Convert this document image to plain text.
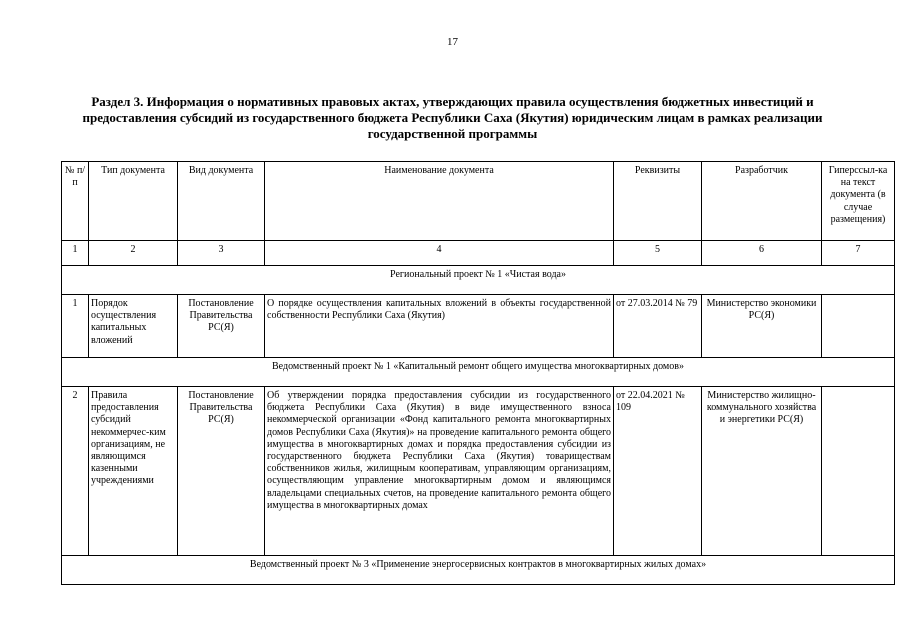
17
Раздел 3. Информация о нормативных правовых актах, утверждающих правила осуществления бюджетных инвестиций и предоставления субсидий из государственного бюджета Республики Саха (Якутия) юридическим лицам в рамках реализации государственной программы
№ п/п	Тип документа	Вид документа	Наименование документа	Реквизиты	Разработчик	Гиперссыл-ка на текст документа (в случае размещения)
1	2	3	4	5	6	7
Региональный проект № 1 «Чистая вода»						
1	Порядок осуществления капитальных вложений	Постановление Правительства РС(Я)	О порядке осуществления капитальных вложений в объекты государственной собственности Республики Саха (Якутия)	от 27.03.2014 № 79	Министерство экономики РС(Я)	
Ведомственный проект № 1 «Капитальный ремонт общего имущества многоквартирных домов»						
2	Правила предоставления субсидий некоммерчес-ким организациям, не являющимся казенными учреждениями	Постановление Правительства РС(Я)	Об утверждении порядка предоставления субсидии из государственного бюджета Республики Саха (Якутия) в виде имущественного взноса некоммерческой организации «Фонд капитального ремонта многоквартирных домов Республики Саха (Якутия)» на проведение капитального ремонта общего имущества в многоквартирных домах и порядка предоставления субсидии из государственного бюджета Республики Саха (Якутия) товариществам собственников жилья, жилищным кооперативам, управляющим организациям, осуществляющим управление многоквартирным домом и являющимся владельцами специальных счетов, на проведение капитального ремонта общего имущества в многоквартирных домах	от 22.04.2021 № 109	Министерство жилищно-коммунального хозяйства и энергетики РС(Я)	
Ведомственный проект № 3 «Применение энергосервисных контрактов в многоквартирных жилых домах»						
